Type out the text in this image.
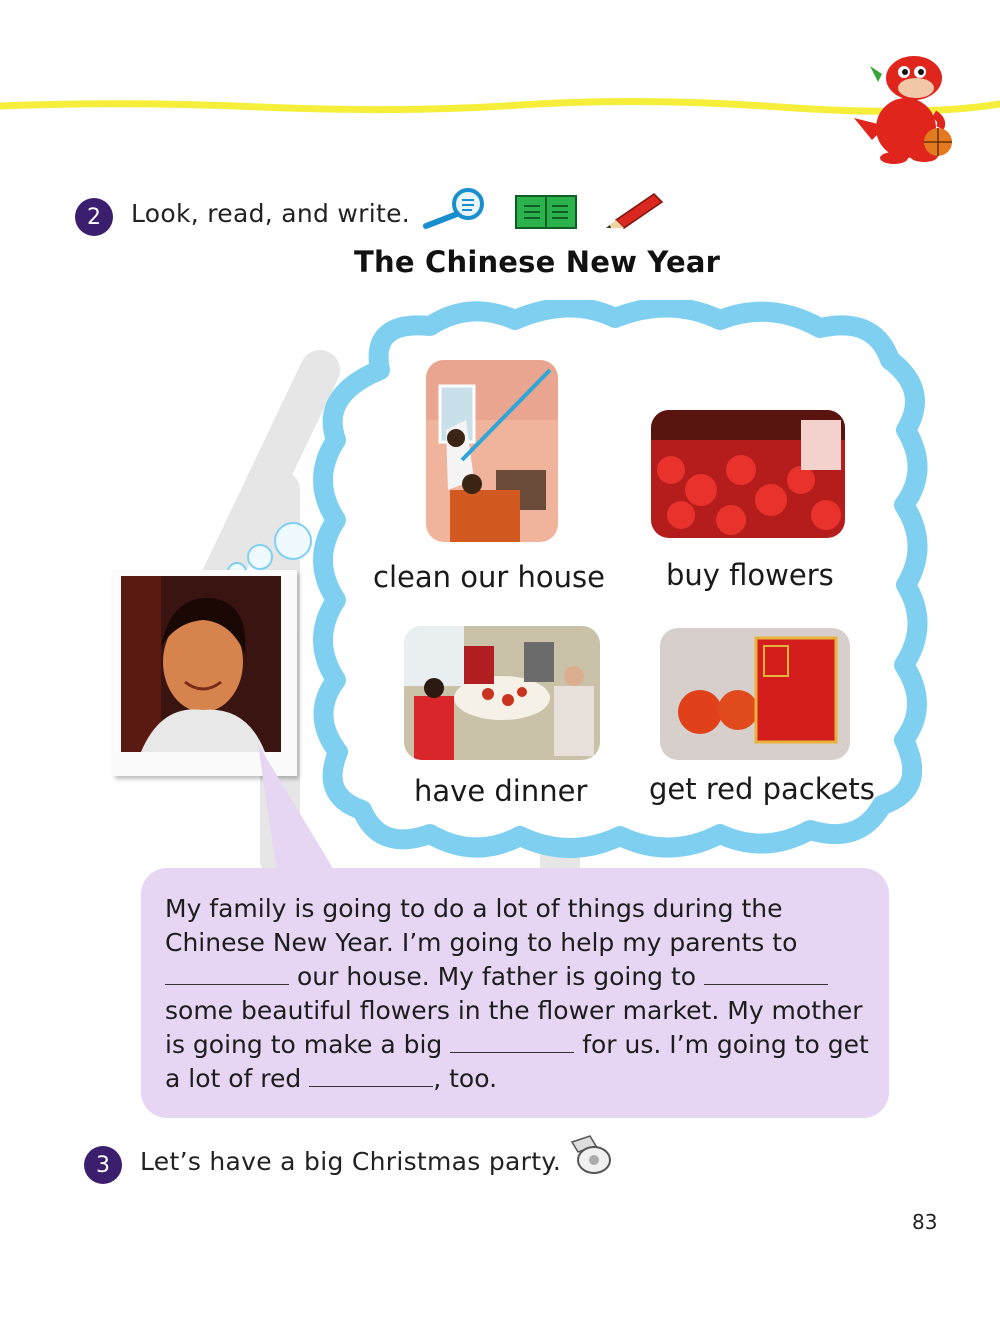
2	Look, read, and write.
The Chinese New Year
clean our house buy flowers
have dinner get red packets
My family is going to do a lot of things during the
Chinese New Year. I’m going to help my parents to
our house. My father is going to
some beautiful flowers in the flower market. My mother
is going to make a big	for us. I’m going to get
a lot of red	, too.
3	Let’s have a big Christmas party.
83
